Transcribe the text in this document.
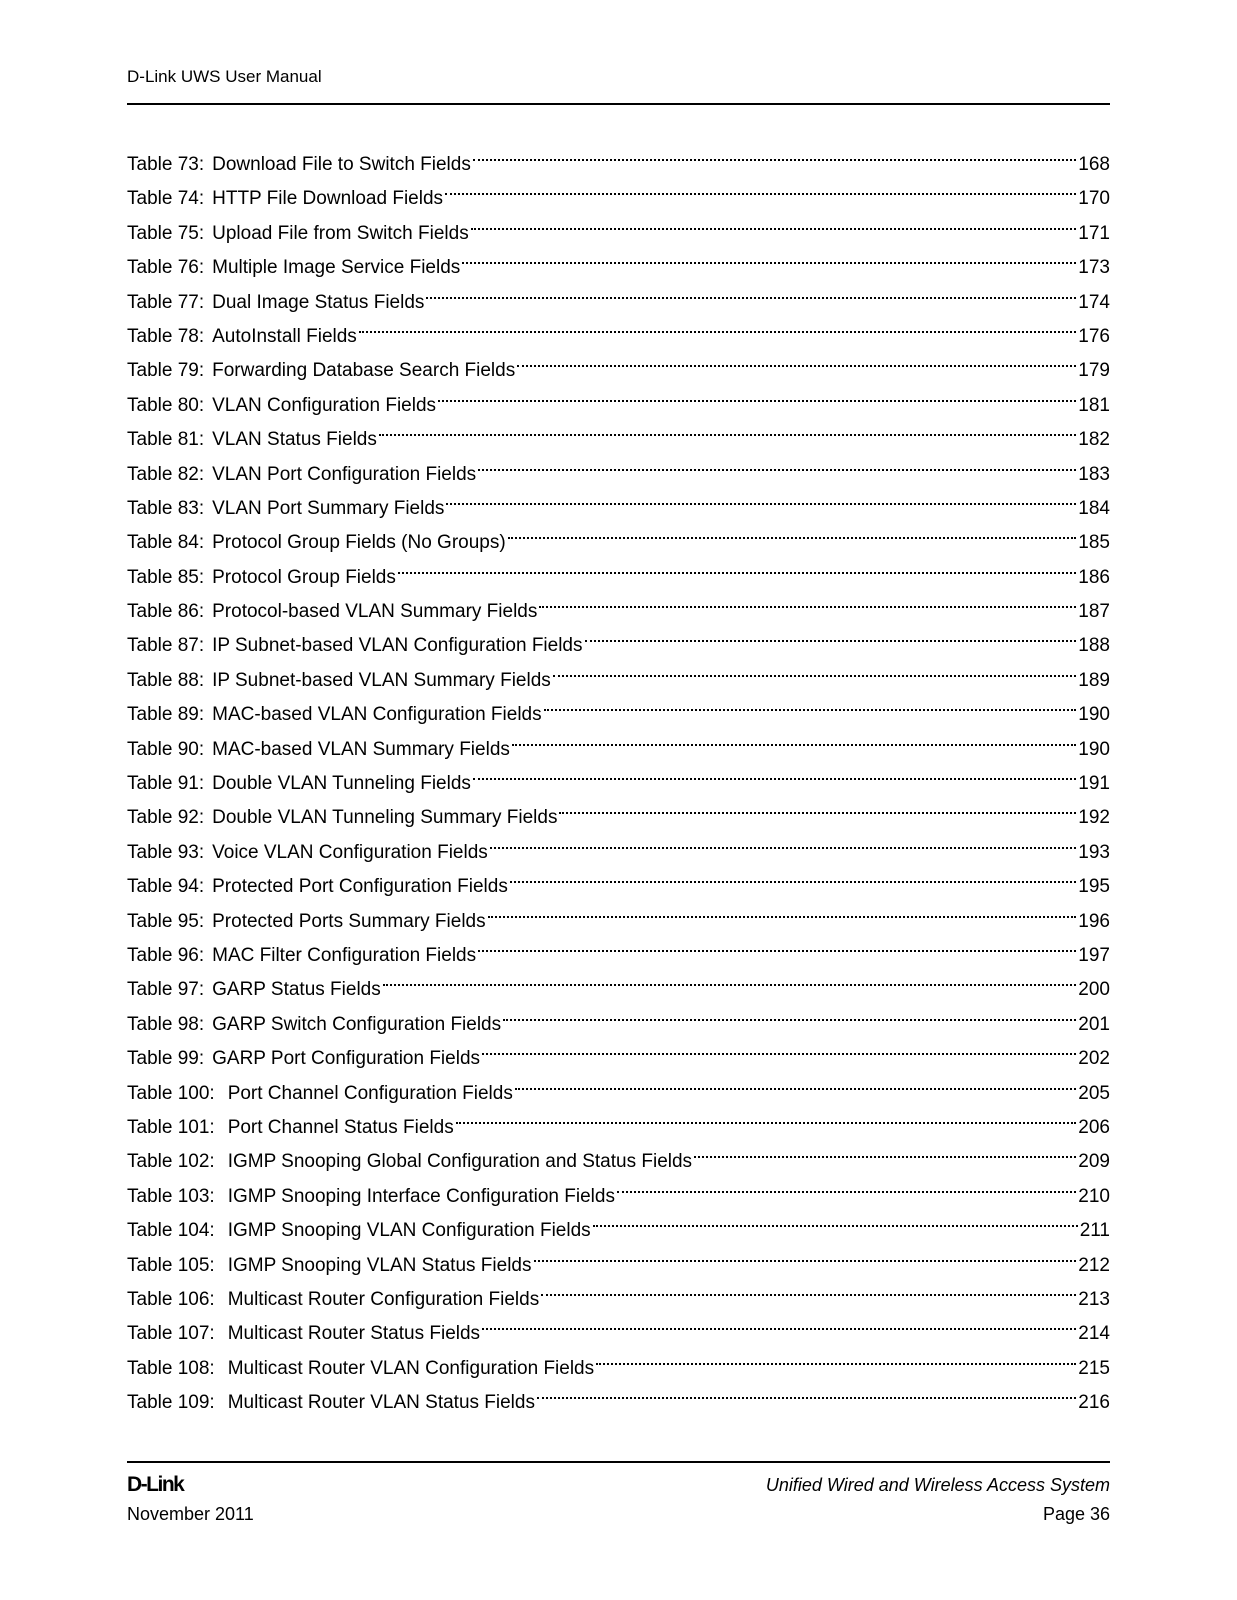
D-Link UWS User Manual
Table 73: Download File to Switch Fields	168
Table 74: HTTP File Download Fields	170
Table 75: Upload File from Switch Fields	171
Table 76: Multiple Image Service Fields	173
Table 77: Dual Image Status Fields	174
Table 78: AutoInstall Fields	176
Table 79: Forwarding Database Search Fields	179
Table 80: VLAN Configuration Fields	181
Table 81: VLAN Status Fields	182
Table 82: VLAN Port Configuration Fields	183
Table 83: VLAN Port Summary Fields	184
Table 84: Protocol Group Fields (No Groups)	185
Table 85: Protocol Group Fields	186
Table 86: Protocol-based VLAN Summary Fields	187
Table 87: IP Subnet-based VLAN Configuration Fields	188
Table 88: IP Subnet-based VLAN Summary Fields	189
Table 89: MAC-based VLAN Configuration Fields	190
Table 90: MAC-based VLAN Summary Fields	190
Table 91: Double VLAN Tunneling Fields	191
Table 92: Double VLAN Tunneling Summary Fields	192
Table 93: Voice VLAN Configuration Fields	193
Table 94: Protected Port Configuration Fields	195
Table 95: Protected Ports Summary Fields	196
Table 96: MAC Filter Configuration Fields	197
Table 97: GARP Status Fields	200
Table 98: GARP Switch Configuration Fields	201
Table 99: GARP Port Configuration Fields	202
Table 100: Port Channel Configuration Fields	205
Table 101: Port Channel Status Fields	206
Table 102: IGMP Snooping Global Configuration and Status Fields	209
Table 103: IGMP Snooping Interface Configuration Fields	210
Table 104: IGMP Snooping VLAN Configuration Fields	211
Table 105: IGMP Snooping VLAN Status Fields	212
Table 106: Multicast Router Configuration Fields	213
Table 107: Multicast Router Status Fields	214
Table 108: Multicast Router VLAN Configuration Fields	215
Table 109: Multicast Router VLAN Status Fields	216
D-Link
November 2011
Unified Wired and Wireless Access System
Page 36
